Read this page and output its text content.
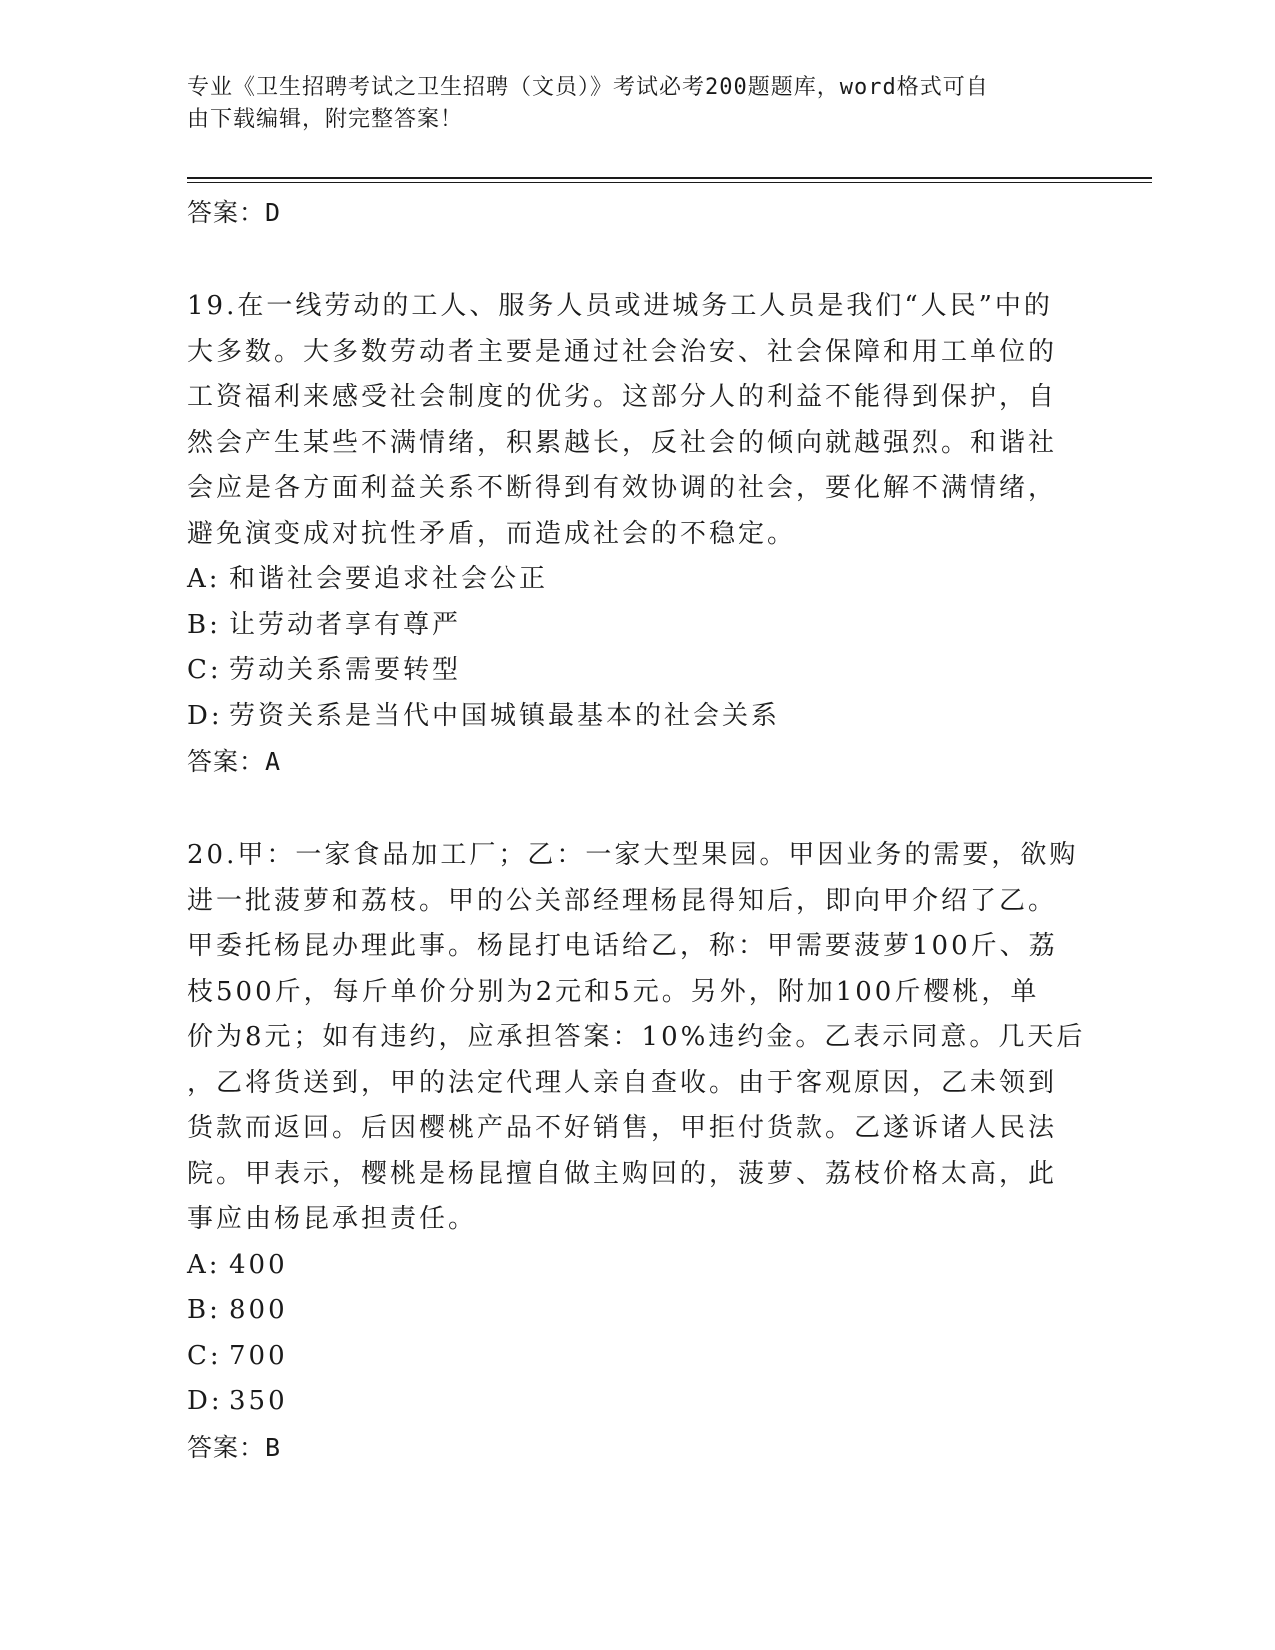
专业《卫生招聘考试之卫生招聘（文员）》考试必考200题题库，word格式可自
由下载编辑，附完整答案！
答案：D
19.在一线劳动的工人、服务人员或进城务工人员是我们“人民”中的
大多数。大多数劳动者主要是通过社会治安、社会保障和用工单位的
工资福利来感受社会制度的优劣。这部分人的利益不能得到保护，自
然会产生某些不满情绪，积累越长，反社会的倾向就越强烈。和谐社
会应是各方面利益关系不断得到有效协调的社会，要化解不满情绪，
避免演变成对抗性矛盾，而造成社会的不稳定。
A: 和谐社会要追求社会公正
B: 让劳动者享有尊严
C: 劳动关系需要转型
D: 劳资关系是当代中国城镇最基本的社会关系
答案：A
20.甲：一家食品加工厂；乙：一家大型果园。甲因业务的需要，欲购
进一批菠萝和荔枝。甲的公关部经理杨昆得知后，即向甲介绍了乙。
甲委托杨昆办理此事。杨昆打电话给乙，称：甲需要菠萝100斤、荔
枝500斤，每斤单价分别为2元和5元。另外，附加100斤樱桃，单
价为8元；如有违约，应承担答案：10%违约金。乙表示同意。几天后
，乙将货送到，甲的法定代理人亲自查收。由于客观原因，乙未领到
货款而返回。后因樱桃产品不好销售，甲拒付货款。乙遂诉诸人民法
院。甲表示，樱桃是杨昆擅自做主购回的，菠萝、荔枝价格太高，此
事应由杨昆承担责任。
A: 400
B: 800
C: 700
D: 350
答案：B
